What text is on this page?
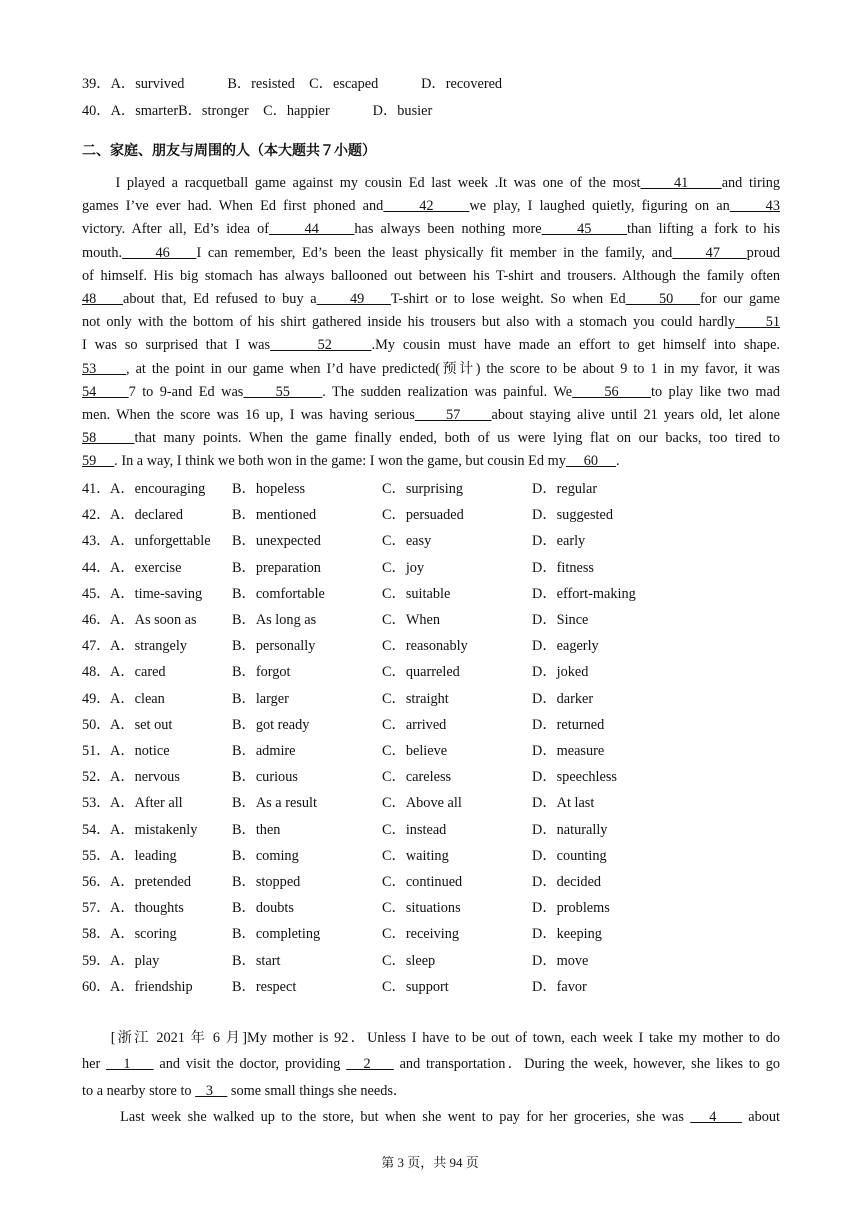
39．A．survived　　　B．resisted　C．escaped　　　D．recovered
40．A．smarterB．stronger　C．happier　　　D．busier
二、家庭、朋友与周围的人（本大题共７小题）
I played a racquetball game against my cousin Ed last week .It was one of the most     41     and tiring
games I’ve ever had. When Ed first phoned and     42     we play, I laughed quietly, figuring on an     43
victory. After all, Ed’s idea of     44     has always been nothing more     45     than lifting a fork to his
mouth.     46    I can remember, Ed’s been the least physically fit member in the family, and     47    proud
of himself. His big stomach has always ballooned out between his T-shirt and trousers. Although the family often
48    about that, Ed refused to buy a     49    T-shirt or to lose weight. So when Ed     50    for our game
not only with the bottom of his shirt gathered inside his trousers but also with a stomach you could hardly     51
I was so surprised that I was      52     .My cousin must have made an effort to get himself into shape.
53     , at the point in our game when I’d have predicted(预计) the score to be about 9 to 1 in my favor, it was
54     7 to 9-and Ed was     55     . The sudden realization was painful. We     56     to play like two mad
men. When the score was 16 up, I was having serious     57     about staying alive until 21 years old, let alone
58     that many points. When the game finally ended, both of us were lying flat on our backs, too tired to
59     . In a way, I think we both won in the game: I won the game, but cousin Ed my     60     .
41． A．encouraging B．hopeless	C．surprising	D．regular
42． A．declared	B．mentioned	C．persuaded	D．suggested
43． A．unforgettable B．unexpected	C．easy	D．early
44． A．exercise	B．preparation	C．joy	D．fitness
45． A．time-saving B．comfortable	C．suitable	D．effort-making
46． A．As soon as B．As long as	C．When	D．Since
47． A．strangely	B．personally	C．reasonably	D．eagerly
48． A．cared	B．forgot	C．quarreled	D．joked
49． A．clean	B．larger	C．straight	D．darker
50． A．set out	B．got ready	C．arrived	D．returned
51． A．notice	B．admire	C．believe	D．measure
52． A．nervous	B．curious	C．careless	D．speechless
53． A．After all	B．As a result	C．Above all	D．At last
54． A．mistakenly B．then	C．instead	D．naturally
55． A．leading	B．coming	C．waiting	D．counting
56． A．pretended	B．stopped	C．continued	D．decided
57． A．thoughts	B．doubts	C．situations	D．problems
58． A．scoring	B．completing	C．receiving	D．keeping
59． A．play	B．start	C．sleep	D．move
60． A．friendship	B．respect	C．support	D．favor
[浙江 2021 年 6 月]My mother is 92．Unless I have to be out of town, each week I take my mother to do
her    1     and visit the doctor, providing    2     and transportation．During the week, however, she likes to go
to a nearby store to    3     some small things she needs．
Last week she walked up to the store, but when she went to pay for her groceries, she was    4     about
第 3 页，共 94 页
